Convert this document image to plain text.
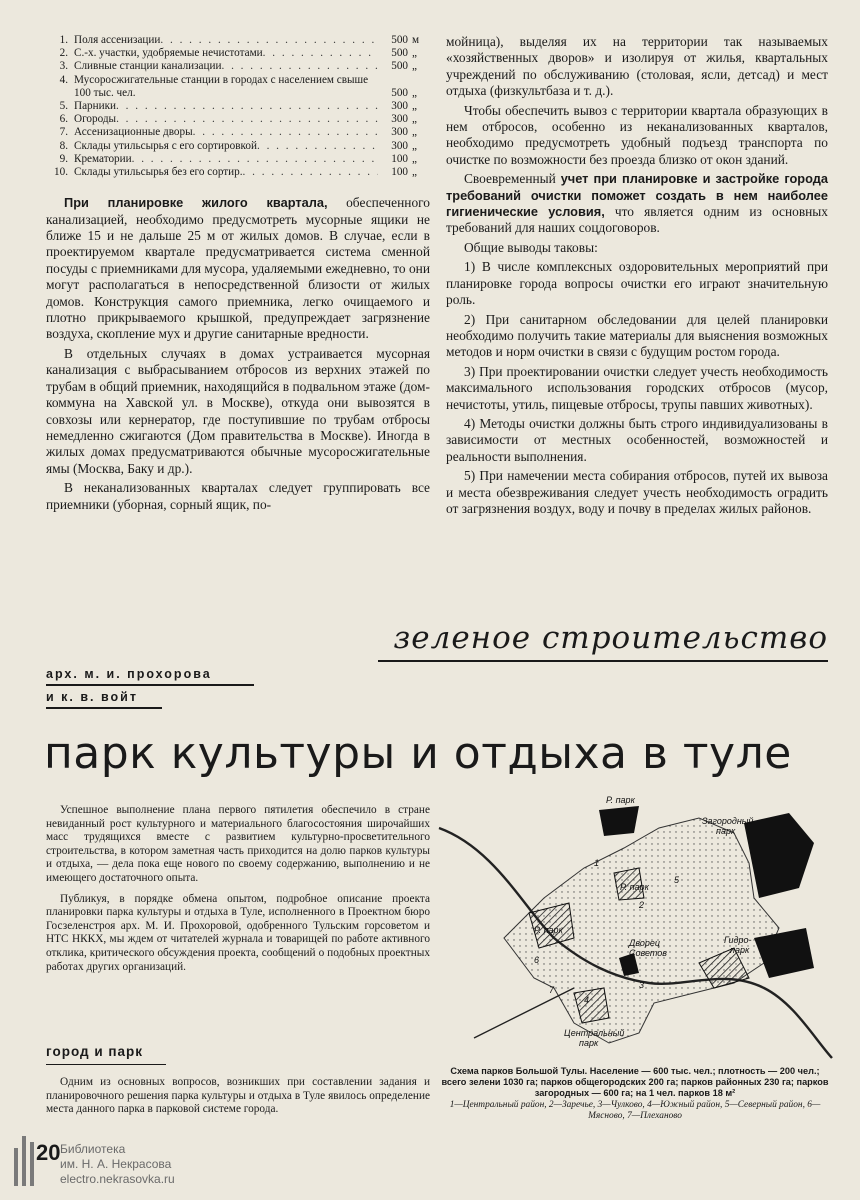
1. Поля ассенизации . . .	500 м
2. С.-х. участки, удобряемые нечистотами . . .	500 „
3. Сливные станции канализации . . .	500 „
4. Мусоросжигательные станции в городах с населением свыше 100 тыс. чел.	500 „
5. Парники . . .	300 „
6. Огороды . . .	300 „
7. Ассенизационные дворы . . .	300 „
8. Склады утильсырья с его сортировкой . . .	300 „
9. Крематории . . .	100 „
10. Склады утильсырья без его сортир. . . .	100 „

При планировке жилого квартала, обеспеченного канализацией, необходимо предусмотреть мусорные ящики не ближе 15 и не дальше 25 м от жилых домов. В случае, если в проектируемом квартале предусматривается система сменной посуды с приемниками для мусора, удаляемыми ежедневно, то они могут располагаться в непосредственной близости от жилых домов. Конструкция самого приемника, легко очищаемого и плотно прикрываемого крышкой, предупреждает загрязнение воздуха, скопление мух и другие санитарные вредности.

В отдельных случаях в домах устраивается мусорная канализация с выбрасыванием отбросов из верхних этажей по трубам в общий приемник, находящийся в подвальном этаже (дом-коммуна на Хавской ул. в Москве), откуда они вывозятся в совхозы или кернератор, где поступившие по трубам отбросы немедленно сжигаются (Дом правительства в Москве). Иногда в жилых домах предусматриваются обычные мусоросжигательные ямы (Москва, Баку и др.).

В неканализованных кварталах следует группировать все приемники (уборная, сорный ящик, по-

мойница), выделяя их на территории так называемых «хозяйственных дворов» и изолируя от жилья, квартальных учреждений по обслуживанию (столовая, ясли, детсад) и мест отдыха (физкультбаза и т. д.).

Чтобы обеспечить вывоз с территории квартала образующих в нем отбросов, особенно из неканализованных кварталов, необходимо предусмотреть удобный подъезд транспорта по очистке по возможности без проезда близко от окон зданий.

Своевременный учет при планировке и застройке города требований очистки поможет создать в нем наиболее гигиенические условия, что является одним из основных требований для наших соцдоговоров.

Общие выводы таковы:

1) В числе комплексных оздоровительных мероприятий при планировке города вопросы очистки его играют значительную роль.

2) При санитарном обследовании для целей планировки необходимо получить такие материалы для выяснения возможных методов и норм очистки в связи с будущим ростом города.

3) При проектировании очистки следует учесть необходимость максимального использования городских отбросов (мусор, нечистоты, утиль, пищевые отбросы, трупы павших животных).

4) Методы очистки должны быть строго индивидуализованы в зависимости от местных особенностей, возможностей и реальности выполнения.

5) При намечении места собирания отбросов, путей их вывоза и места обезвреживания следует учесть необходимость оградить от загрязнения воздух, воду и почву в пределах жилых районов.

зеленое строительство
арх. м. и. прохорова
и к. в. войт
парк культуры и отдыха в туле

Успешное выполнение плана первого пятилетия обеспечило в стране невиданный рост культурного и материального благосостояния широчайших масс трудящихся вместе с развитием культурно-просветительного строительства, в котором заметная часть приходится на долю парков культуры и отдыха, — дела пока еще нового по своему содержанию, выполнению и не имеющего достаточного опыта.

Публикуя, в порядке обмена опытом, подробное описание проекта планировки парка культуры и отдыха в Туле, исполненного в Проектном бюро Госзеленстроя арх. М. И. Прохоровой, одобренного Тульским горсоветом и НТС НККХ, мы ждем от читателей журнала и товарищей по работе активного отклика, критического обсуждения проекта, сообщений о подобных проектных работах других организаций.

город и парк

Одним из основных вопросов, возникших при составлении задания и планировочного решения парка культуры и отдыха в Туле явилось определение места данного парка в парковой системе города.

Р. парк
Загородный
парк
Р. парк
Р. парк
Дворец
Советов
Гидро-
парк
Центральный
парк
1
2
3
4
6
5
7
Схема парков Большой Тулы. Население — 600 тыс. чел.; плотность — 200 чел.; всего зелени 1030 га; парков общегородских 200 га; парков районных 230 га; парков загородных — 600 га; на 1 чел. парков 18 м²
1—Центральный район, 2—Заречье, 3—Чулково, 4—Южный район, 5—Северный район, 6—Мясново, 7—Плеханово
20 Библиотека
им. Н. А. Некрасова
electro.nekrasovka.ru
